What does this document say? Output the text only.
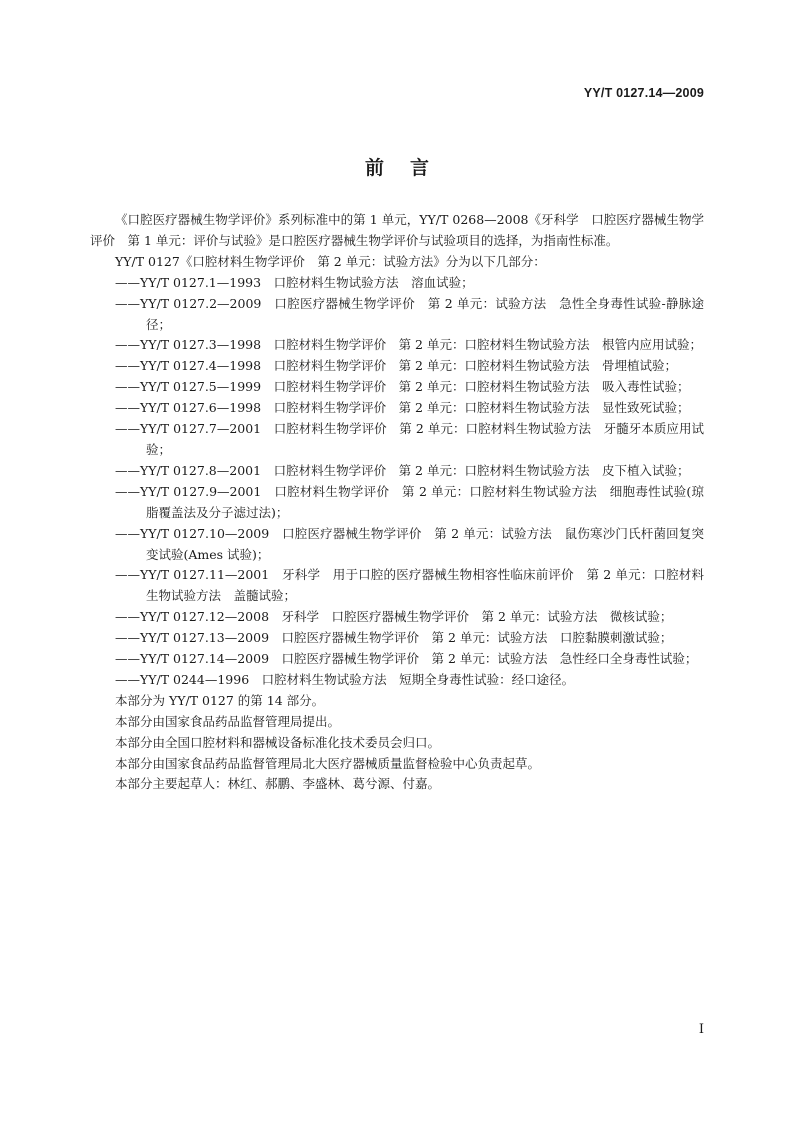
YY/T 0127.14—2009
前言

《口腔医疗器械生物学评价》系列标准中的第 1 单元，YY/T 0268—2008《牙科学　口腔医疗器械生物学评价　第 1 单元：评价与试验》是口腔医疗器械生物学评价与试验项目的选择，为指南性标准。

YY/T 0127《口腔材料生物学评价　第 2 单元：试验方法》分为以下几部分：

——YY/T 0127.1—1993　口腔材料生物试验方法　溶血试验；
——YY/T 0127.2—2009　口腔医疗器械生物学评价　第 2 单元：试验方法　急性全身毒性试验-静脉途径；
——YY/T 0127.3—1998　口腔材料生物学评价　第 2 单元：口腔材料生物试验方法　根管内应用试验；
——YY/T 0127.4—1998　口腔材料生物学评价　第 2 单元：口腔材料生物试验方法　骨埋植试验；
——YY/T 0127.5—1999　口腔材料生物学评价　第 2 单元：口腔材料生物试验方法　吸入毒性试验；
——YY/T 0127.6—1998　口腔材料生物学评价　第 2 单元：口腔材料生物试验方法　显性致死试验；
——YY/T 0127.7—2001　口腔材料生物学评价　第 2 单元：口腔材料生物试验方法　牙髓牙本质应用试验；
——YY/T 0127.8—2001　口腔材料生物学评价　第 2 单元：口腔材料生物试验方法　皮下植入试验；
——YY/T 0127.9—2001　口腔材料生物学评价　第 2 单元：口腔材料生物试验方法　细胞毒性试验(琼脂覆盖法及分子滤过法)；
——YY/T 0127.10—2009　口腔医疗器械生物学评价　第 2 单元：试验方法　鼠伤寒沙门氏杆菌回复突变试验(Ames 试验)；
——YY/T 0127.11—2001　牙科学　用于口腔的医疗器械生物相容性临床前评价　第 2 单元：口腔材料生物试验方法　盖髓试验；
——YY/T 0127.12—2008　牙科学　口腔医疗器械生物学评价　第 2 单元：试验方法　微核试验；
——YY/T 0127.13—2009　口腔医疗器械生物学评价　第 2 单元：试验方法　口腔黏膜刺激试验；
——YY/T 0127.14—2009　口腔医疗器械生物学评价　第 2 单元：试验方法　急性经口全身毒性试验；
——YY/T 0244—1996　口腔材料生物试验方法　短期全身毒性试验：经口途径。

本部分为 YY/T 0127 的第 14 部分。

本部分由国家食品药品监督管理局提出。

本部分由全国口腔材料和器械设备标准化技术委员会归口。

本部分由国家食品药品监督管理局北大医疗器械质量监督检验中心负责起草。

本部分主要起草人：林红、郝鹏、李盛林、葛兮源、付嘉。

I
